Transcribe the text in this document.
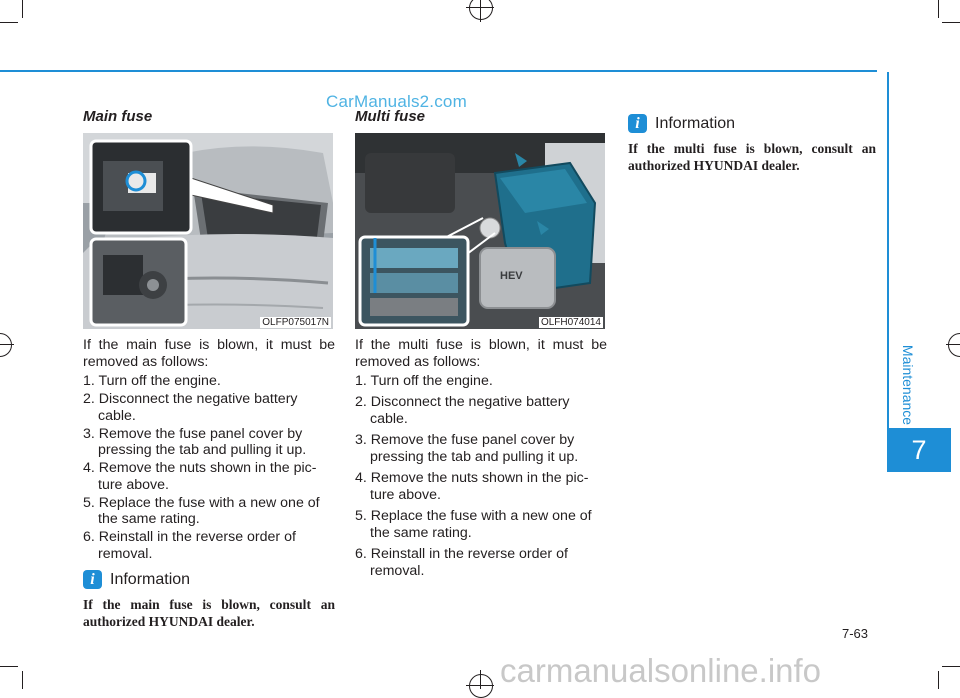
CarManuals2.com
Main fuse
OLFP075017N
If the main fuse is blown, it must be removed as follows:
1. Turn off the engine.
2. Disconnect the negative battery cable.
3. Remove the fuse panel cover by pressing the tab and pulling it up.
4. Remove the nuts shown in the pic-ture above.
5. Replace the fuse with a new one of the same rating.
6. Reinstall in the reverse order of removal.
i Information
If the main fuse is blown, consult an authorized HYUNDAI dealer.
Multi fuse
HEV
OLFH074014
If the multi fuse is blown, it must be removed as follows:
1. Turn off the engine.
2. Disconnect the negative battery cable.
3. Remove the fuse panel cover by pressing the tab and pulling it up.
4. Remove the nuts shown in the pic-ture above.
5. Replace the fuse with a new one of the same rating.
6. Reinstall in the reverse order of removal.
i Information
If the multi fuse is blown, consult an authorized HYUNDAI dealer.
Maintenance
7
7-63
carmanualsonline.info
